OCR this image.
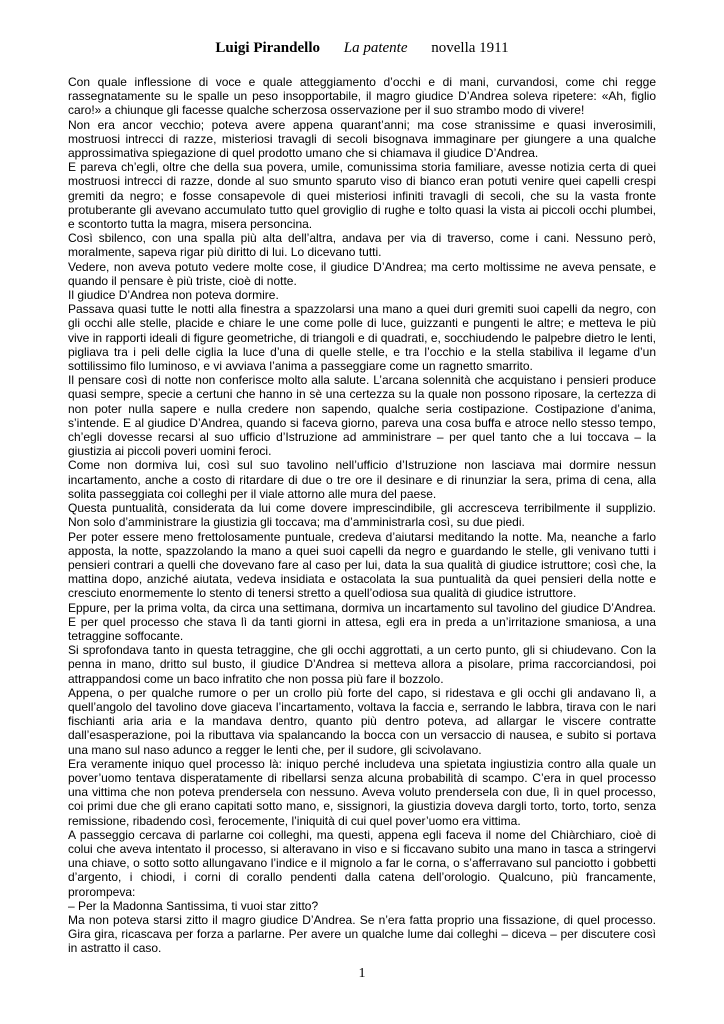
Luigi Pirandello La patente novella 1911

Con quale inflessione di voce e quale atteggiamento d’occhi e di mani, curvandosi, come chi regge rassegnatamente su le spalle un peso insopportabile, il magro giudice D’Andrea soleva ripetere: «Ah, figlio caro!» a chiunque gli facesse qualche scherzosa osservazione per il suo strambo modo di vivere!

Non era ancor vecchio; poteva avere appena quarant’anni; ma cose stranissime e quasi inverosimili, mostruosi intrecci di razze, misteriosi travagli di secoli bisognava immaginare per giungere a una qualche approssimativa spiegazione di quel prodotto umano che si chiamava il giudice D’Andrea.

E pareva ch’egli, oltre che della sua povera, umile, comunissima storia familiare, avesse notizia certa di quei mostruosi intrecci di razze, donde al suo smunto sparuto viso di bianco eran potuti venire quei capelli crespi gremiti da negro; e fosse consapevole di quei misteriosi infiniti travagli di secoli, che su la vasta fronte protuberante gli avevano accumulato tutto quel groviglio di rughe e tolto quasi la vista ai piccoli occhi plumbei, e scontorto tutta la magra, misera personcina.

Così sbilenco, con una spalla più alta dell’altra, andava per via di traverso, come i cani. Nessuno però, moralmente, sapeva rigar più diritto di lui. Lo dicevano tutti.

Vedere, non aveva potuto vedere molte cose, il giudice D’Andrea; ma certo moltissime ne aveva pensate, e quando il pensare è più triste, cioè di notte.

Il giudice D’Andrea non poteva dormire.

Passava quasi tutte le notti alla finestra a spazzolarsi una mano a quei duri gremiti suoi capelli da negro, con gli occhi alle stelle, placide e chiare le une come polle di luce, guizzanti e pungenti le altre; e metteva le più vive in rapporti ideali di figure geometriche, di triangoli e di quadrati, e, socchiudendo le palpebre dietro le lenti, pigliava tra i peli delle ciglia la luce d’una di quelle stelle, e tra l’occhio e la stella stabiliva il legame d’un sottilissimo filo luminoso, e vi avviava l’anima a passeggiare come un ragnetto smarrito.

Il pensare così di notte non conferisce molto alla salute. L’arcana solennità che acquistano i pensieri produce quasi sempre, specie a certuni che hanno in sè una certezza su la quale non possono riposare, la certezza di non poter nulla sapere e nulla credere non sapendo, qualche seria costipazione. Costipazione d’anima, s’intende. E al giudice D’Andrea, quando si faceva giorno, pareva una cosa buffa e atroce nello stesso tempo, ch’egli dovesse recarsi al suo ufficio d’Istruzione ad amministrare – per quel tanto che a lui toccava – la giustizia ai piccoli poveri uomini feroci.

Come non dormiva lui, così sul suo tavolino nell’ufficio d’Istruzione non lasciava mai dormire nessun incartamento, anche a costo di ritardare di due o tre ore il desinare e di rinunziar la sera, prima di cena, alla solita passeggiata coi colleghi per il viale attorno alle mura del paese.

Questa puntualità, considerata da lui come dovere imprescindibile, gli accresceva terribilmente il supplizio. Non solo d’amministrare la giustizia gli toccava; ma d’amministrarla così, su due piedi.

Per poter essere meno frettolosamente puntuale, credeva d’aiutarsi meditando la notte. Ma, neanche a farlo apposta, la notte, spazzolando la mano a quei suoi capelli da negro e guardando le stelle, gli venivano tutti i pensieri contrari a quelli che dovevano fare al caso per lui, data la sua qualità di giudice istruttore; così che, la mattina dopo, anziché aiutata, vedeva insidiata e ostacolata la sua puntualità da quei pensieri della notte e cresciuto enormemente lo stento di tenersi stretto a quell’odiosa sua qualità di giudice istruttore.

Eppure, per la prima volta, da circa una settimana, dormiva un incartamento sul tavolino del giudice D’Andrea. E per quel processo che stava lì da tanti giorni in attesa, egli era in preda a un’irritazione smaniosa, a una tetraggine soffocante.

Si sprofondava tanto in questa tetraggine, che gli occhi aggrottati, a un certo punto, gli si chiudevano. Con la penna in mano, dritto sul busto, il giudice D’Andrea si metteva allora a pisolare, prima raccorciandosi, poi attrappandosi come un baco infratito che non possa più fare il bozzolo.

Appena, o per qualche rumore o per un crollo più forte del capo, si ridestava e gli occhi gli andavano lì, a quell’angolo del tavolino dove giaceva l’incartamento, voltava la faccia e, serrando le labbra, tirava con le nari fischianti aria aria e la mandava dentro, quanto più dentro poteva, ad allargar le viscere contratte dall’esasperazione, poi la ributtava via spalancando la bocca con un versaccio di nausea, e subito si portava una mano sul naso adunco a regger le lenti che, per il sudore, gli scivolavano.

Era veramente iniquo quel processo là: iniquo perché includeva una spietata ingiustizia contro alla quale un pover’uomo tentava disperatamente di ribellarsi senza alcuna probabilità di scampo. C’era in quel processo una vittima che non poteva prendersela con nessuno. Aveva voluto prendersela con due, lì in quel processo, coi primi due che gli erano capitati sotto mano, e, sissignori, la giustizia doveva dargli torto, torto, torto, senza remissione, ribadendo così, ferocemente, l’iniquità di cui quel pover’uomo era vittima.

A passeggio cercava di parlarne coi colleghi, ma questi, appena egli faceva il nome del Chiàrchiaro, cioè di colui che aveva intentato il processo, si alteravano in viso e si ficcavano subito una mano in tasca a stringervi una chiave, o sotto sotto allungavano l’indice e il mignolo a far le corna, o s’afferravano sul panciotto i gobbetti d’argento, i chiodi, i corni di corallo pendenti dalla catena dell’orologio. Qualcuno, più francamente, prorompeva:

– Per la Madonna Santissima, ti vuoi star zitto?

Ma non poteva starsi zitto il magro giudice D’Andrea. Se n’era fatta proprio una fissazione, di quel processo. Gira gira, ricascava per forza a parlarne. Per avere un qualche lume dai colleghi – diceva – per discutere così in astratto il caso.

1
